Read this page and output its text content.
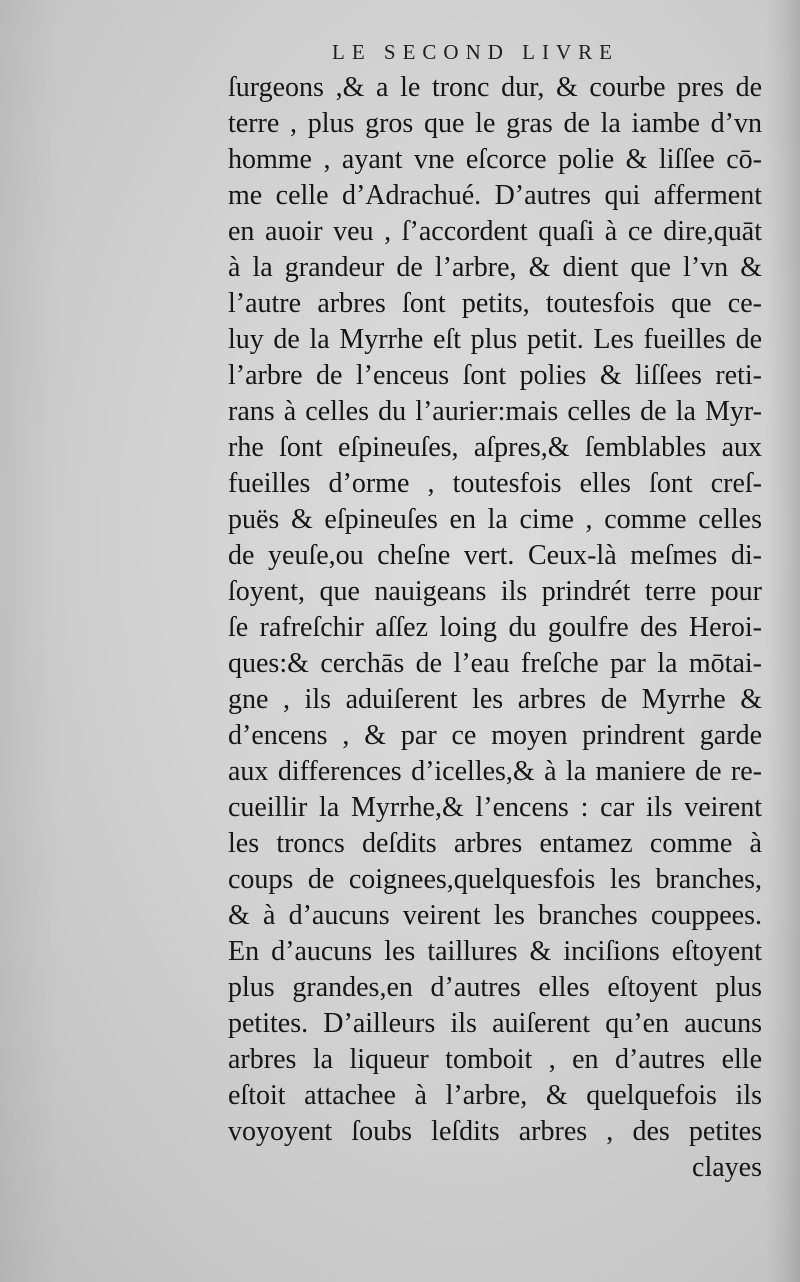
LE SECOND LIVRE
ſurgeons ,& a le tronc dur, & courbe pres de
terre , plus gros que le gras de la iambe d’vn
homme , ayant vne eſcorce polie & liſſee cō-
me celle d’Adrachué. D’autres qui afferment
en auoir veu , ſ’accordent quaſi à ce dire,quāt
à la grandeur de l’arbre, & dient que l’vn &
l’autre arbres ſont petits, toutesfois que ce-
luy de la Myrrhe eſt plus petit. Les fueilles de
l’arbre de l’enceus ſont polies & liſſees reti-
rans à celles du l’aurier:mais celles de la Myr-
rhe ſont eſpineuſes, aſpres,& ſemblables aux
fueilles d’orme , toutesfois elles ſont creſ-
puës & eſpineuſes en la cime , comme celles
de yeuſe,ou cheſne vert. Ceux-là meſmes di-
ſoyent, que nauigeans ils prindrét terre pour
ſe rafreſchir aſſez loing du goulfre des Heroi-
ques:& cerchās de l’eau freſche par la mōtai-
gne , ils aduiſerent les arbres de Myrrhe &
d’encens , & par ce moyen prindrent garde
aux differences d’icelles,& à la maniere de re-
cueillir la Myrrhe,& l’encens : car ils veirent
les troncs deſdits arbres entamez comme à
coups de coignees,quelquesfois les branches,
& à d’aucuns veirent les branches couppees.
En d’aucuns les taillures & inciſions eſtoyent
plus grandes,en d’autres elles eſtoyent plus
petites. D’ailleurs ils auiſerent qu’en aucuns
arbres la liqueur tomboit , en d’autres elle
eſtoit attachee à l’arbre, & quelquefois ils
voyoyent ſoubs leſdits arbres , des petites
clayes
